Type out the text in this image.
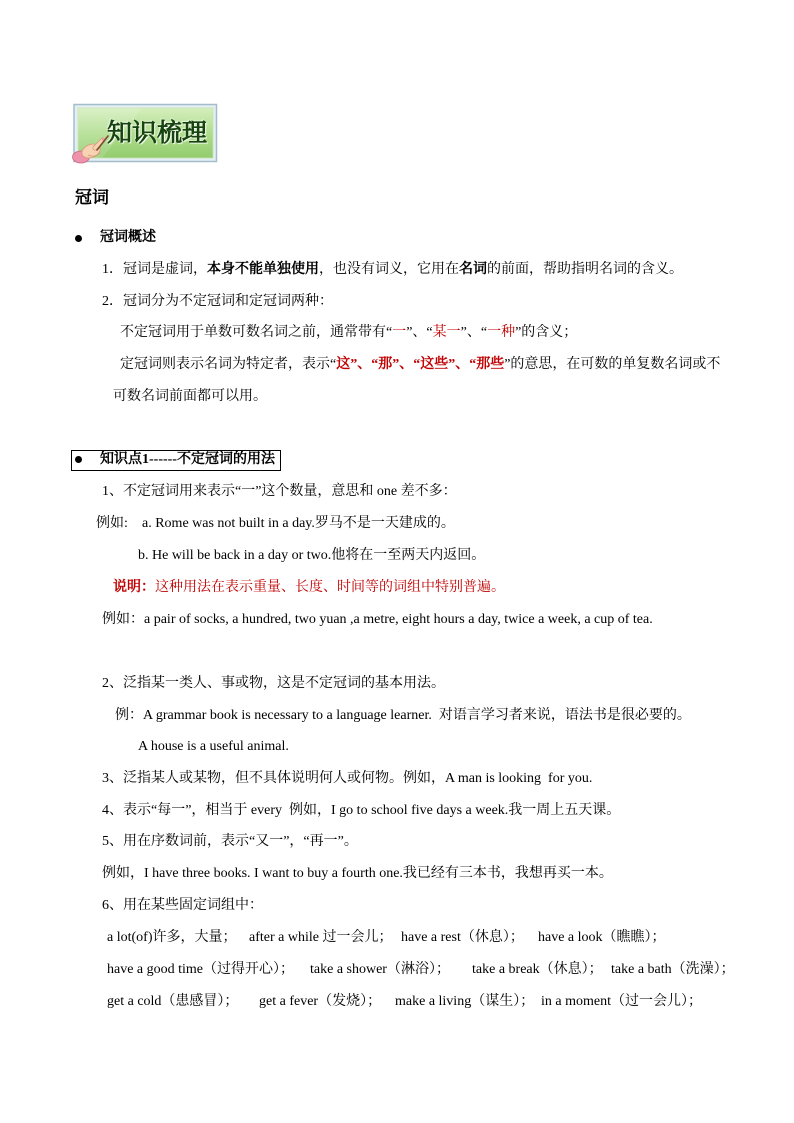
知识梳理
冠词
冠词概述
1．冠词是虚词， 本身不能单独使用 ，也没有词义，它用在 名词 的前面，帮助指明名词的含义。
2．冠词分为不定冠词和定冠词两种：
不定冠词用于单数可数名词之前，通常带有“ 一 ”、“ 某一 ”、“ 一种 ”的含义；
定冠词则表示名词为特定者，表示“ 这”、“那”、“这些”、“那些 ”的意思，在可数的单复数名词或不
可数名词前面都可以用。
知识点1------不定冠词的用法
1、不定冠词用来表示“一”这个数量，意思和 one 差不多：
例如: a. Rome was not built in a day.罗马不是一天建成的。
b. He will be back in a day or two.他将在一至两天内返回。
说明： 这种用法在表示重量、长度、时间等的词组中特别普遍。
例如：a pair of socks, a hundred, two yuan ,a metre, eight hours a day, twice a week, a cup of tea.
2、泛指某一类人、事或物，这是不定冠词的基本用法。
例：A grammar book is necessary to a language learner.  对语言学习者来说，语法书是很必要的。
A house is a useful animal.
3、泛指某人或某物，但不具体说明何人或何物。例如，A man is looking  for you.
4、表示“每一”，相当于 every  例如，I go to school five days a week.我一周上五天课。
5、用在序数词前，表示“又一”，“再一”。
例如，I have three books. I want to buy a fourth one.我已经有三本书，我想再买一本。
6、用在某些固定词组中：
a lot(of)许多，大量； after a while 过一会儿； have a rest（休息）； have a look（瞧瞧）；
have a good time（过得开心）； take a shower（淋浴）； take a break（休息）； take a bath（洗澡）；
get a cold（患感冒）； get a fever（发烧）； make a living（谋生）； in a moment（过一会儿）；
